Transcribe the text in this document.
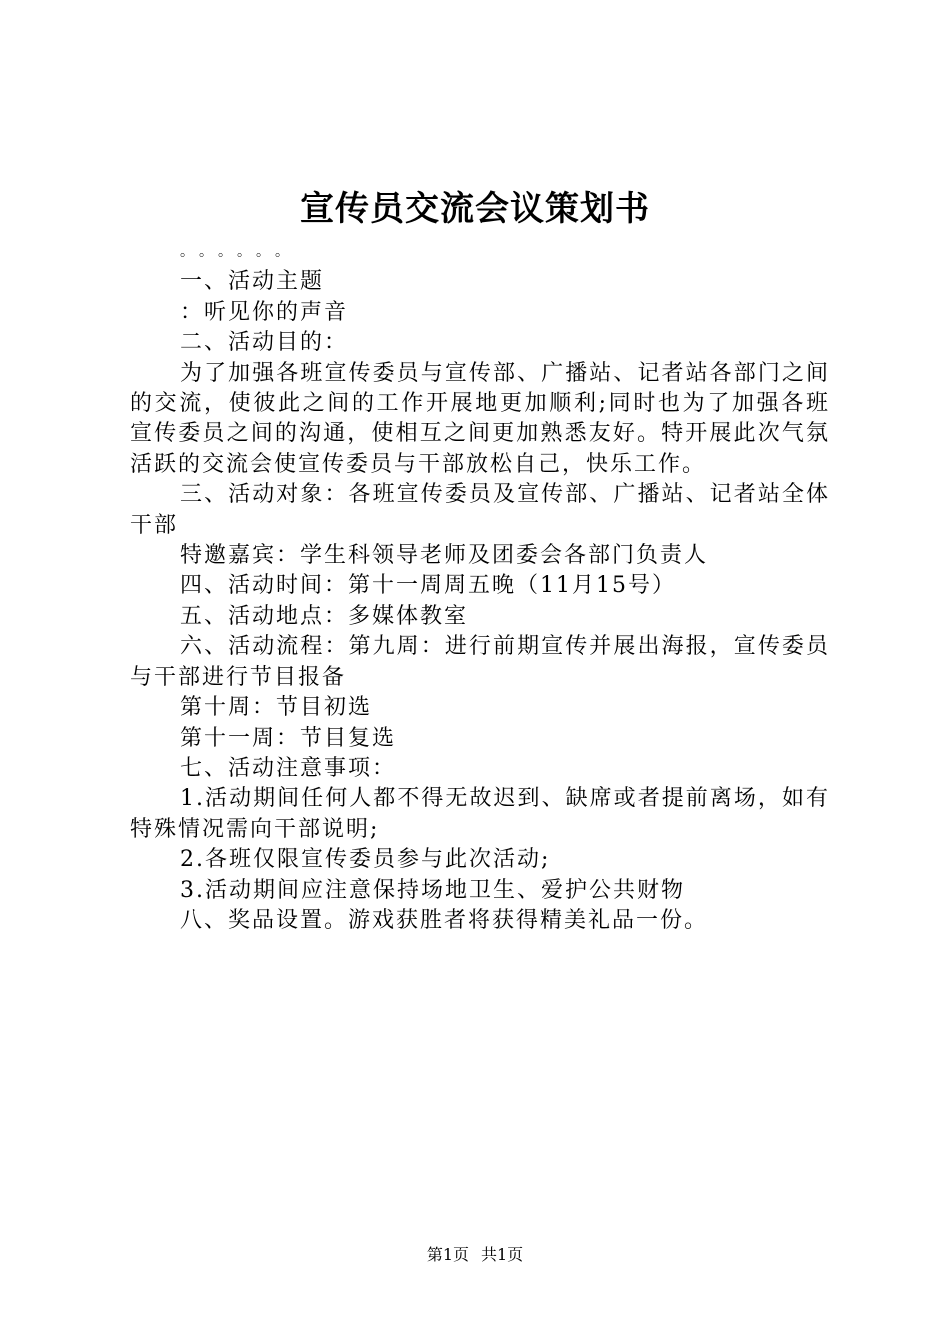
宣传员交流会议策划书

。。。。。。

一、活动主题

：听见你的声音

二、活动目的：

为了加强各班宣传委员与宣传部、广播站、记者站各部门之间的交流，使彼此之间的工作开展地更加顺利;同时也为了加强各班宣传委员之间的沟通，使相互之间更加熟悉友好。特开展此次气氛活跃的交流会使宣传委员与干部放松自己，快乐工作。

三、活动对象：各班宣传委员及宣传部、广播站、记者站全体干部

特邀嘉宾：学生科领导老师及团委会各部门负责人

四、活动时间：第十一周周五晚（11月15号）

五、活动地点：多媒体教室

六、活动流程：第九周：进行前期宣传并展出海报，宣传委员与干部进行节目报备

第十周：节目初选

第十一周：节目复选

七、活动注意事项：

1.活动期间任何人都不得无故迟到、缺席或者提前离场，如有特殊情况需向干部说明;

2.各班仅限宣传委员参与此次活动;

3.活动期间应注意保持场地卫生、爱护公共财物

八、奖品设置。游戏获胜者将获得精美礼品一份。

第1页 共1页
